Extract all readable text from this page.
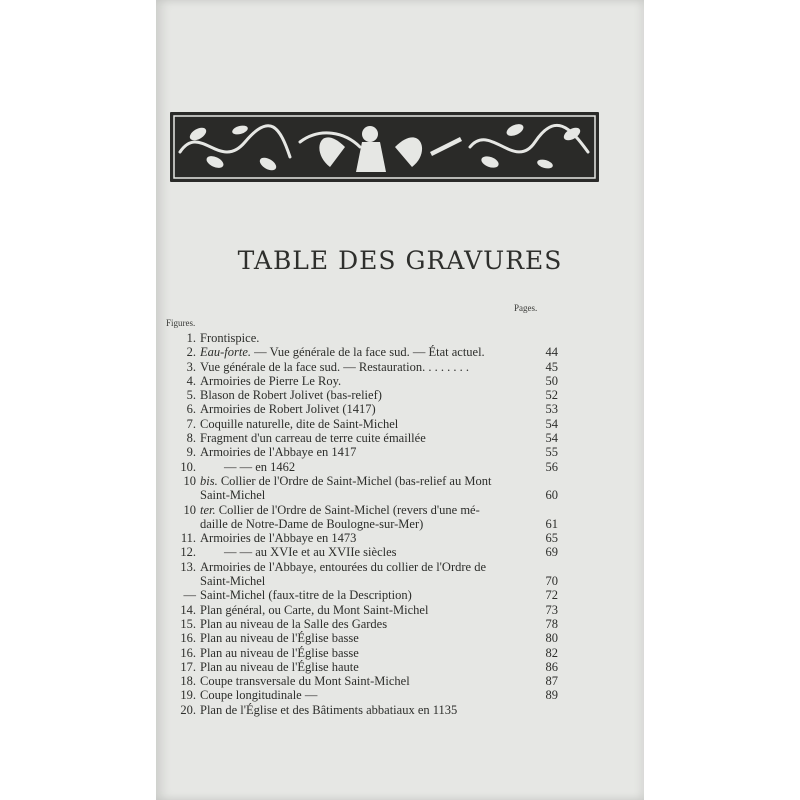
TABLE DES GRAVURES
Figures.
Pages.
1. Frontispice.
2. Eau-forte. — Vue générale de la face sud. — État actuel.	44
3. Vue générale de la face sud. — Restauration. . . . . . . .	45
4. Armoiries de Pierre Le Roy.	50
5. Blason de Robert Jolivet (bas-relief)	52
6. Armoiries de Robert Jolivet (1417)	53
7. Coquille naturelle, dite de Saint-Michel	54
8. Fragment d'un carreau de terre cuite émaillée	54
9. Armoiries de l'Abbaye en 1417	55
10.	— — en 1462	56
10 bis. Collier de l'Ordre de Saint-Michel (bas-relief au Mont
Saint-Michel	60
10 ter. Collier de l'Ordre de Saint-Michel (revers d'une mé-
daille de Notre-Dame de Boulogne-sur-Mer)	61
11. Armoiries de l'Abbaye en 1473	65
12.	— — au XVIe et au XVIIe siècles	69
13. Armoiries de l'Abbaye, entourées du collier de l'Ordre de
Saint-Michel	70
— Saint-Michel (faux-titre de la Description)	72
14. Plan général, ou Carte, du Mont Saint-Michel	73
15. Plan au niveau de la Salle des Gardes	78
16. Plan au niveau de l'Église basse	80
16. Plan au niveau de l'Église basse	82
17. Plan au niveau de l'Église haute	86
18. Coupe transversale du Mont Saint-Michel	87
19. Coupe longitudinale —	89
20. Plan de l'Église et des Bâtiments abbatiaux en 1135
